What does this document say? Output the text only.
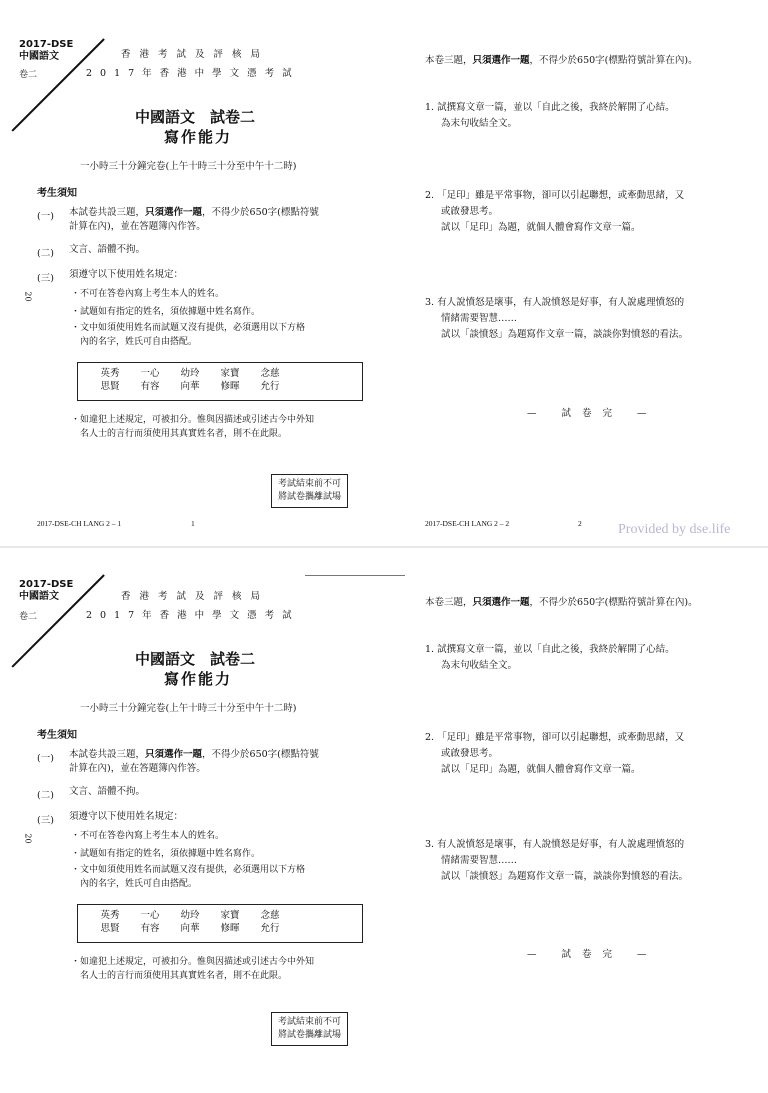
2017-DSE
中國語文
卷二
香港考試及評核局
2017年香港中學文憑考試
中國語文　試卷二
寫作能力
一小時三十分鐘完卷(上午十時三十分至中午十二時)
考生須知
(一) 本試卷共設三題，只須選作一題，不得少於650字(標點符號
計算在內)，並在答題簿內作答。
(二) 文言、語體不拘。
(三) 須遵守以下使用姓名規定：
・不可在答卷內寫上考生本人的姓名。
・試題如有指定的姓名，須依據題中姓名寫作。
・文中如須使用姓名而試題又沒有提供，必須選用以下方格
內的名字，姓氏可自由搭配。
英秀	一心	幼玲	家寶	念慈
思賢	有容	向華	修暉	允行
・如違犯上述規定，可被扣分。惟與因描述或引述古今中外知
名人士的言行而須使用其真實姓名者，則不在此限。
20
考試結束前不可
將試卷攜離試場
2017-DSE-CH LANG 2 – 1	1
本卷三題，只須選作一題，不得少於650字(標點符號計算在內)。
1. 試撰寫文章一篇，並以「自此之後，我終於解開了心結。
為末句收結全文。
2. 「足印」雖是平常事物，卻可以引起聯想，或牽動思緒，又
或啟發思考。
試以「足印」為題，就個人體會寫作文章一篇。
3. 有人說憤怒是壞事，有人說憤怒是好事，有人說處理憤怒的
情緒需要智慧……
試以「談憤怒」為題寫作文章一篇，談談你對憤怒的看法。
— 試卷完 —
2017-DSE-CH LANG 2 – 2	2	Provided by dse.life
2017-DSE
中國語文
卷二
香港考試及評核局
2017年香港中學文憑考試
中國語文　試卷二
寫作能力
一小時三十分鐘完卷(上午十時三十分至中午十二時)
考生須知
(一) 本試卷共設三題，只須選作一題，不得少於650字(標點符號
計算在內)，並在答題簿內作答。
(二) 文言、語體不拘。
(三) 須遵守以下使用姓名規定：
・不可在答卷內寫上考生本人的姓名。
・試題如有指定的姓名，須依據題中姓名寫作。
・文中如須使用姓名而試題又沒有提供，必須選用以下方格
內的名字，姓氏可自由搭配。
英秀	一心	幼玲	家寶	念慈
思賢	有容	向華	修暉	允行
・如違犯上述規定，可被扣分。惟與因描述或引述古今中外知
名人士的言行而須使用其真實姓名者，則不在此限。
20
考試結束前不可
將試卷攜離試場
本卷三題，只須選作一題，不得少於650字(標點符號計算在內)。
1. 試撰寫文章一篇，並以「自此之後，我終於解開了心結。
為末句收結全文。
2. 「足印」雖是平常事物，卻可以引起聯想，或牽動思緒，又
或啟發思考。
試以「足印」為題，就個人體會寫作文章一篇。
3. 有人說憤怒是壞事，有人說憤怒是好事，有人說處理憤怒的
情緒需要智慧……
試以「談憤怒」為題寫作文章一篇，談談你對憤怒的看法。
— 試卷完 —
